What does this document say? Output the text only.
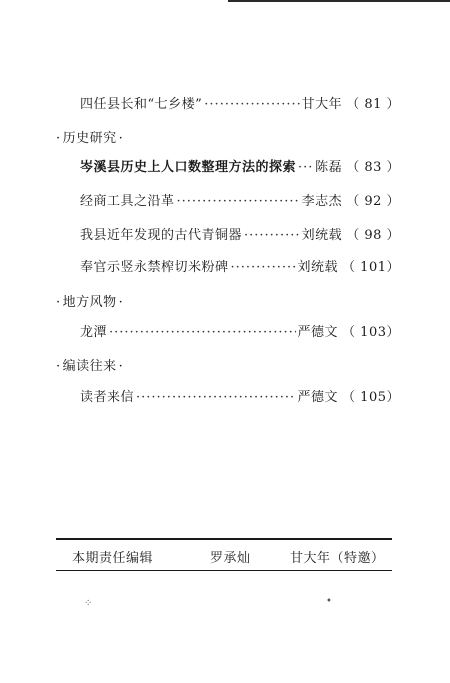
四任县长和“七乡楼” ·····	甘大年 （ 81 ）
· 历史研究 ·
岑溪县历史上人口数整理方法的探索 ····· 陈磊 （ 83 ）
经商工具之沿革 ·····	李志杰 （ 92 ）
我县近年发现的古代青铜器 ·····	刘统载 （ 98 ）
奉官示竖永禁榨切米粉碑 ·····	刘统载 （ 101）
· 地方风物 ·
龙潭 ·····	严德文 （ 103）
· 编读往来 ·
读者来信 ·····	严德文 （ 105）
本期责任编辑	罗承灿	甘大年（特邀）
⁘	•
